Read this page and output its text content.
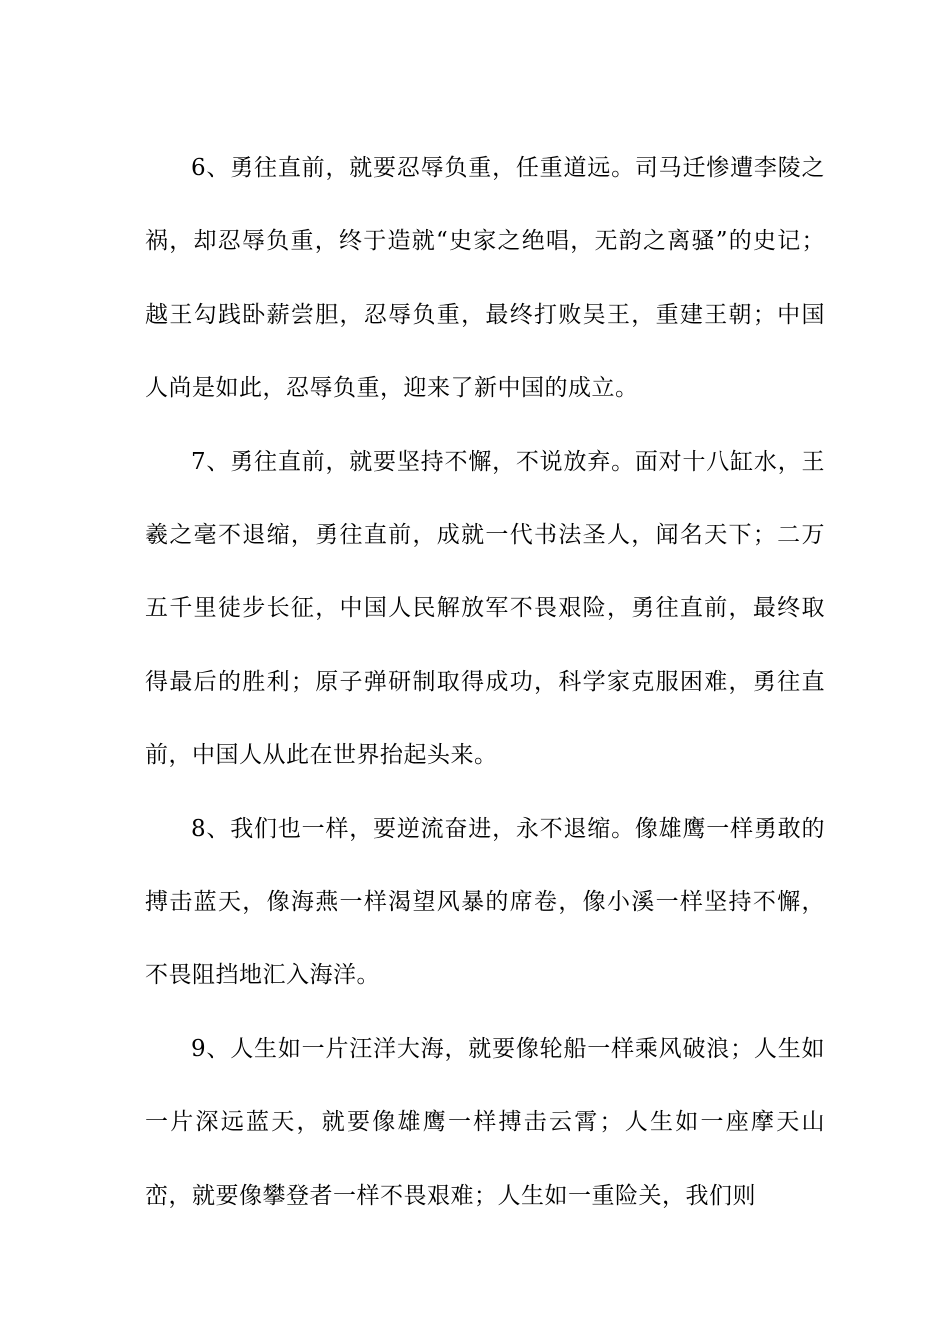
6、勇往直前，就要忍辱负重，任重道远。司马迁惨遭李陵之祸，却忍辱负重，终于造就“史家之绝唱，无韵之离骚”的史记；越王勾践卧薪尝胆，忍辱负重，最终打败吴王，重建王朝；中国人尚是如此，忍辱负重，迎来了新中国的成立。

7、勇往直前，就要坚持不懈，不说放弃。面对十八缸水，王羲之毫不退缩，勇往直前，成就一代书法圣人，闻名天下；二万五千里徒步长征，中国人民解放军不畏艰险，勇往直前，最终取得最后的胜利；原子弹研制取得成功，科学家克服困难，勇往直前，中国人从此在世界抬起头来。

8、我们也一样，要逆流奋进，永不退缩。像雄鹰一样勇敢的搏击蓝天，像海燕一样渴望风暴的席卷，像小溪一样坚持不懈，不畏阻挡地汇入海洋。

9、人生如一片汪洋大海，就要像轮船一样乘风破浪；人生如一片深远蓝天，就要像雄鹰一样搏击云霄；人生如一座摩天山峦，就要像攀登者一样不畏艰难；人生如一重险关，我们则
